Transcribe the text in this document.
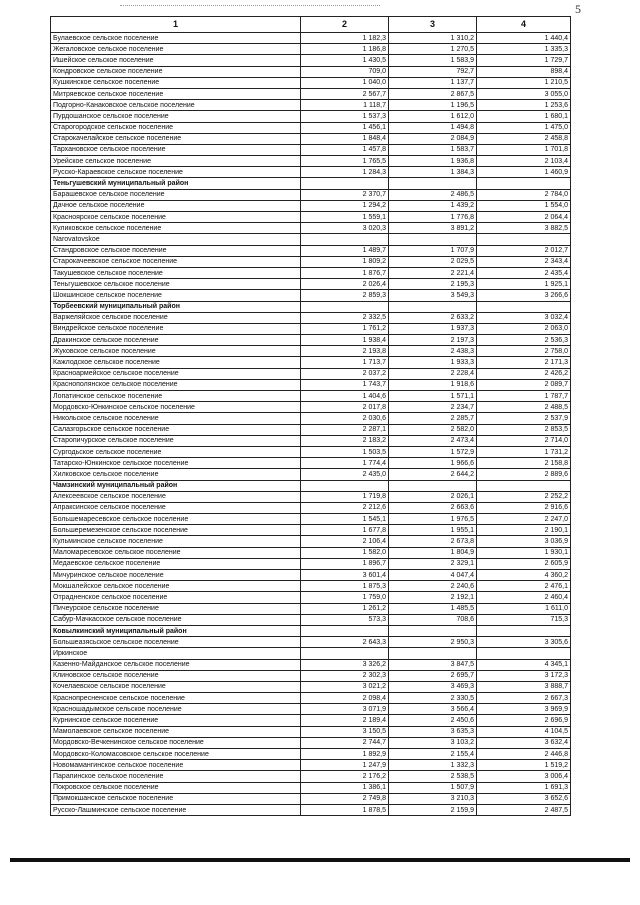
5
1	2	3	4
Булаевское сельское поселение	1 182,3	1 310,2	1 440,4
Жегаловское сельское поселение	1 186,8	1 270,5	1 335,3
Ишейское сельское поселение	1 430,5	1 583,9	1 729,7
Кондровское сельское поселение	709,0	792,7	898,4
Кушкинское сельское поселение	1 040,0	1 137,7	1 210,5
Митряевское сельское поселение	2 567,7	2 867,5	3 055,0
Подгорно-Канаковское сельское поселение	1 118,7	1 196,5	1 253,6
Пурдошанское сельское поселение	1 537,3	1 612,0	1 680,1
Старогородское сельское поселение	1 456,1	1 494,8	1 475,0
Старокачелайское сельское поселение	1 848,4	2 084,9	2 458,8
Тархановское сельское поселение	1 457,8	1 583,7	1 701,8
Урейское сельское поселение	1 765,5	1 936,8	2 103,4
Русско-Караевское сельское поселение	1 284,3	1 384,3	1 460,9
Теньгушевский муниципальный район			
Барашевское сельское поселение	2 370,7	2 486,5	2 784,0
Дачное сельское поселение	1 294,2	1 439,2	1 554,0
Красноярское сельское поселение	1 559,1	1 776,8	2 064,4
Куликовское сельское поселение	3 020,3	3 891,2	3 882,5
Narovatovskoe			
Стандровское сельское поселение	1 489,7	1 707,9	2 012,7
Старокачеевское сельское поселение	1 809,2	2 029,5	2 343,4
Такушевское сельское поселение	1 876,7	2 221,4	2 435,4
Теньгушевское сельское поселение	2 026,4	2 195,3	1 925,1
Шокшинское сельское поселение	2 859,3	3 549,3	3 266,6
Торбеевский муниципальный район			
Варжеляйское сельское поселение	2 332,5	2 633,2	3 032,4
Виндрейское сельское поселение	1 761,2	1 937,3	2 063,0
Дракинское сельское поселение	1 938,4	2 197,3	2 536,3
Жуковское сельское поселение	2 193,8	2 438,3	2 758,0
Кажлодское сельское поселение	1 713,7	1 933,3	2 171,3
Красноармейское сельское поселение	2 037,2	2 228,4	2 426,2
Краснополянское сельское поселение	1 743,7	1 918,6	2 089,7
Лопатинское сельское поселение	1 404,6	1 571,1	1 787,7
Мордовско-Юнкинское сельское поселение	2 017,8	2 234,7	2 488,5
Никольское сельское поселение	2 030,6	2 285,7	2 537,9
Салазгорьское сельское поселение	2 287,1	2 582,0	2 853,5
Старопичурское сельское поселение	2 183,2	2 473,4	2 714,0
Сургодьское сельское поселение	1 503,5	1 572,9	1 731,2
Татарско-Юнкинское сельское поселение	1 774,4	1 966,6	2 158,8
Хилковское сельское поселение	2 435,0	2 644,2	2 889,6
Чамзинский муниципальный район			
Алексеевское сельское поселение	1 719,8	2 026,1	2 252,2
Апраксинское сельское поселение	2 212,6	2 663,6	2 916,6
Большемаресевское сельское поселение	1 545,1	1 976,5	2 247,0
Большеремезенское сельское поселение	1 677,8	1 955,1	2 190,1
Кульминское сельское поселение	2 106,4	2 673,8	3 036,9
Маломаресевское сельское поселение	1 582,0	1 804,9	1 930,1
Медаевское сельское поселение	1 896,7	2 329,1	2 605,9
Мичуринское сельское поселение	3 601,4	4 047,4	4 360,2
Мокшалейское сельское поселение	1 875,3	2 240,6	2 476,1
Отрадненское сельское поселение	1 759,0	2 192,1	2 460,4
Пичеурское сельское поселение	1 261,2	1 485,5	1 611,0
Сабур-Мачкасское сельское поселение	573,3	708,6	715,3
Ковылкинский муниципальный район			
Большеазясьское сельское поселение	2 643,3	2 950,3	3 305,6
Иркинское			
Казенно-Майданское сельское поселение	3 326,2	3 847,5	4 345,1
Клиновское сельское поселение	2 302,3	2 695,7	3 172,3
Кочелаевское сельское поселение	3 021,2	3 469,3	3 888,7
Краснопресненское сельское поселение	2 098,4	2 330,5	2 667,3
Красношадымское сельское поселение	3 071,9	3 566,4	3 969,9
Курнинское сельское поселение	2 189,4	2 450,6	2 696,9
Мамолаевское сельское поселение	3 150,5	3 635,3	4 104,5
Мордовско-Вечкенинское сельское поселение	2 744,7	3 103,2	3 632,4
Мордовско-Коломасовское сельское поселение	1 892,9	2 155,4	2 446,8
Новомамангинское сельское поселение	1 247,9	1 332,3	1 519,2
Парапинское сельское поселение	2 176,2	2 538,5	3 006,4
Покровское сельское поселение	1 386,1	1 507,9	1 691,3
Примокшанское сельское поселение	2 749,8	3 210,3	3 652,6
Русско-Лашминское сельское поселение	1 878,5	2 159,9	2 487,5
